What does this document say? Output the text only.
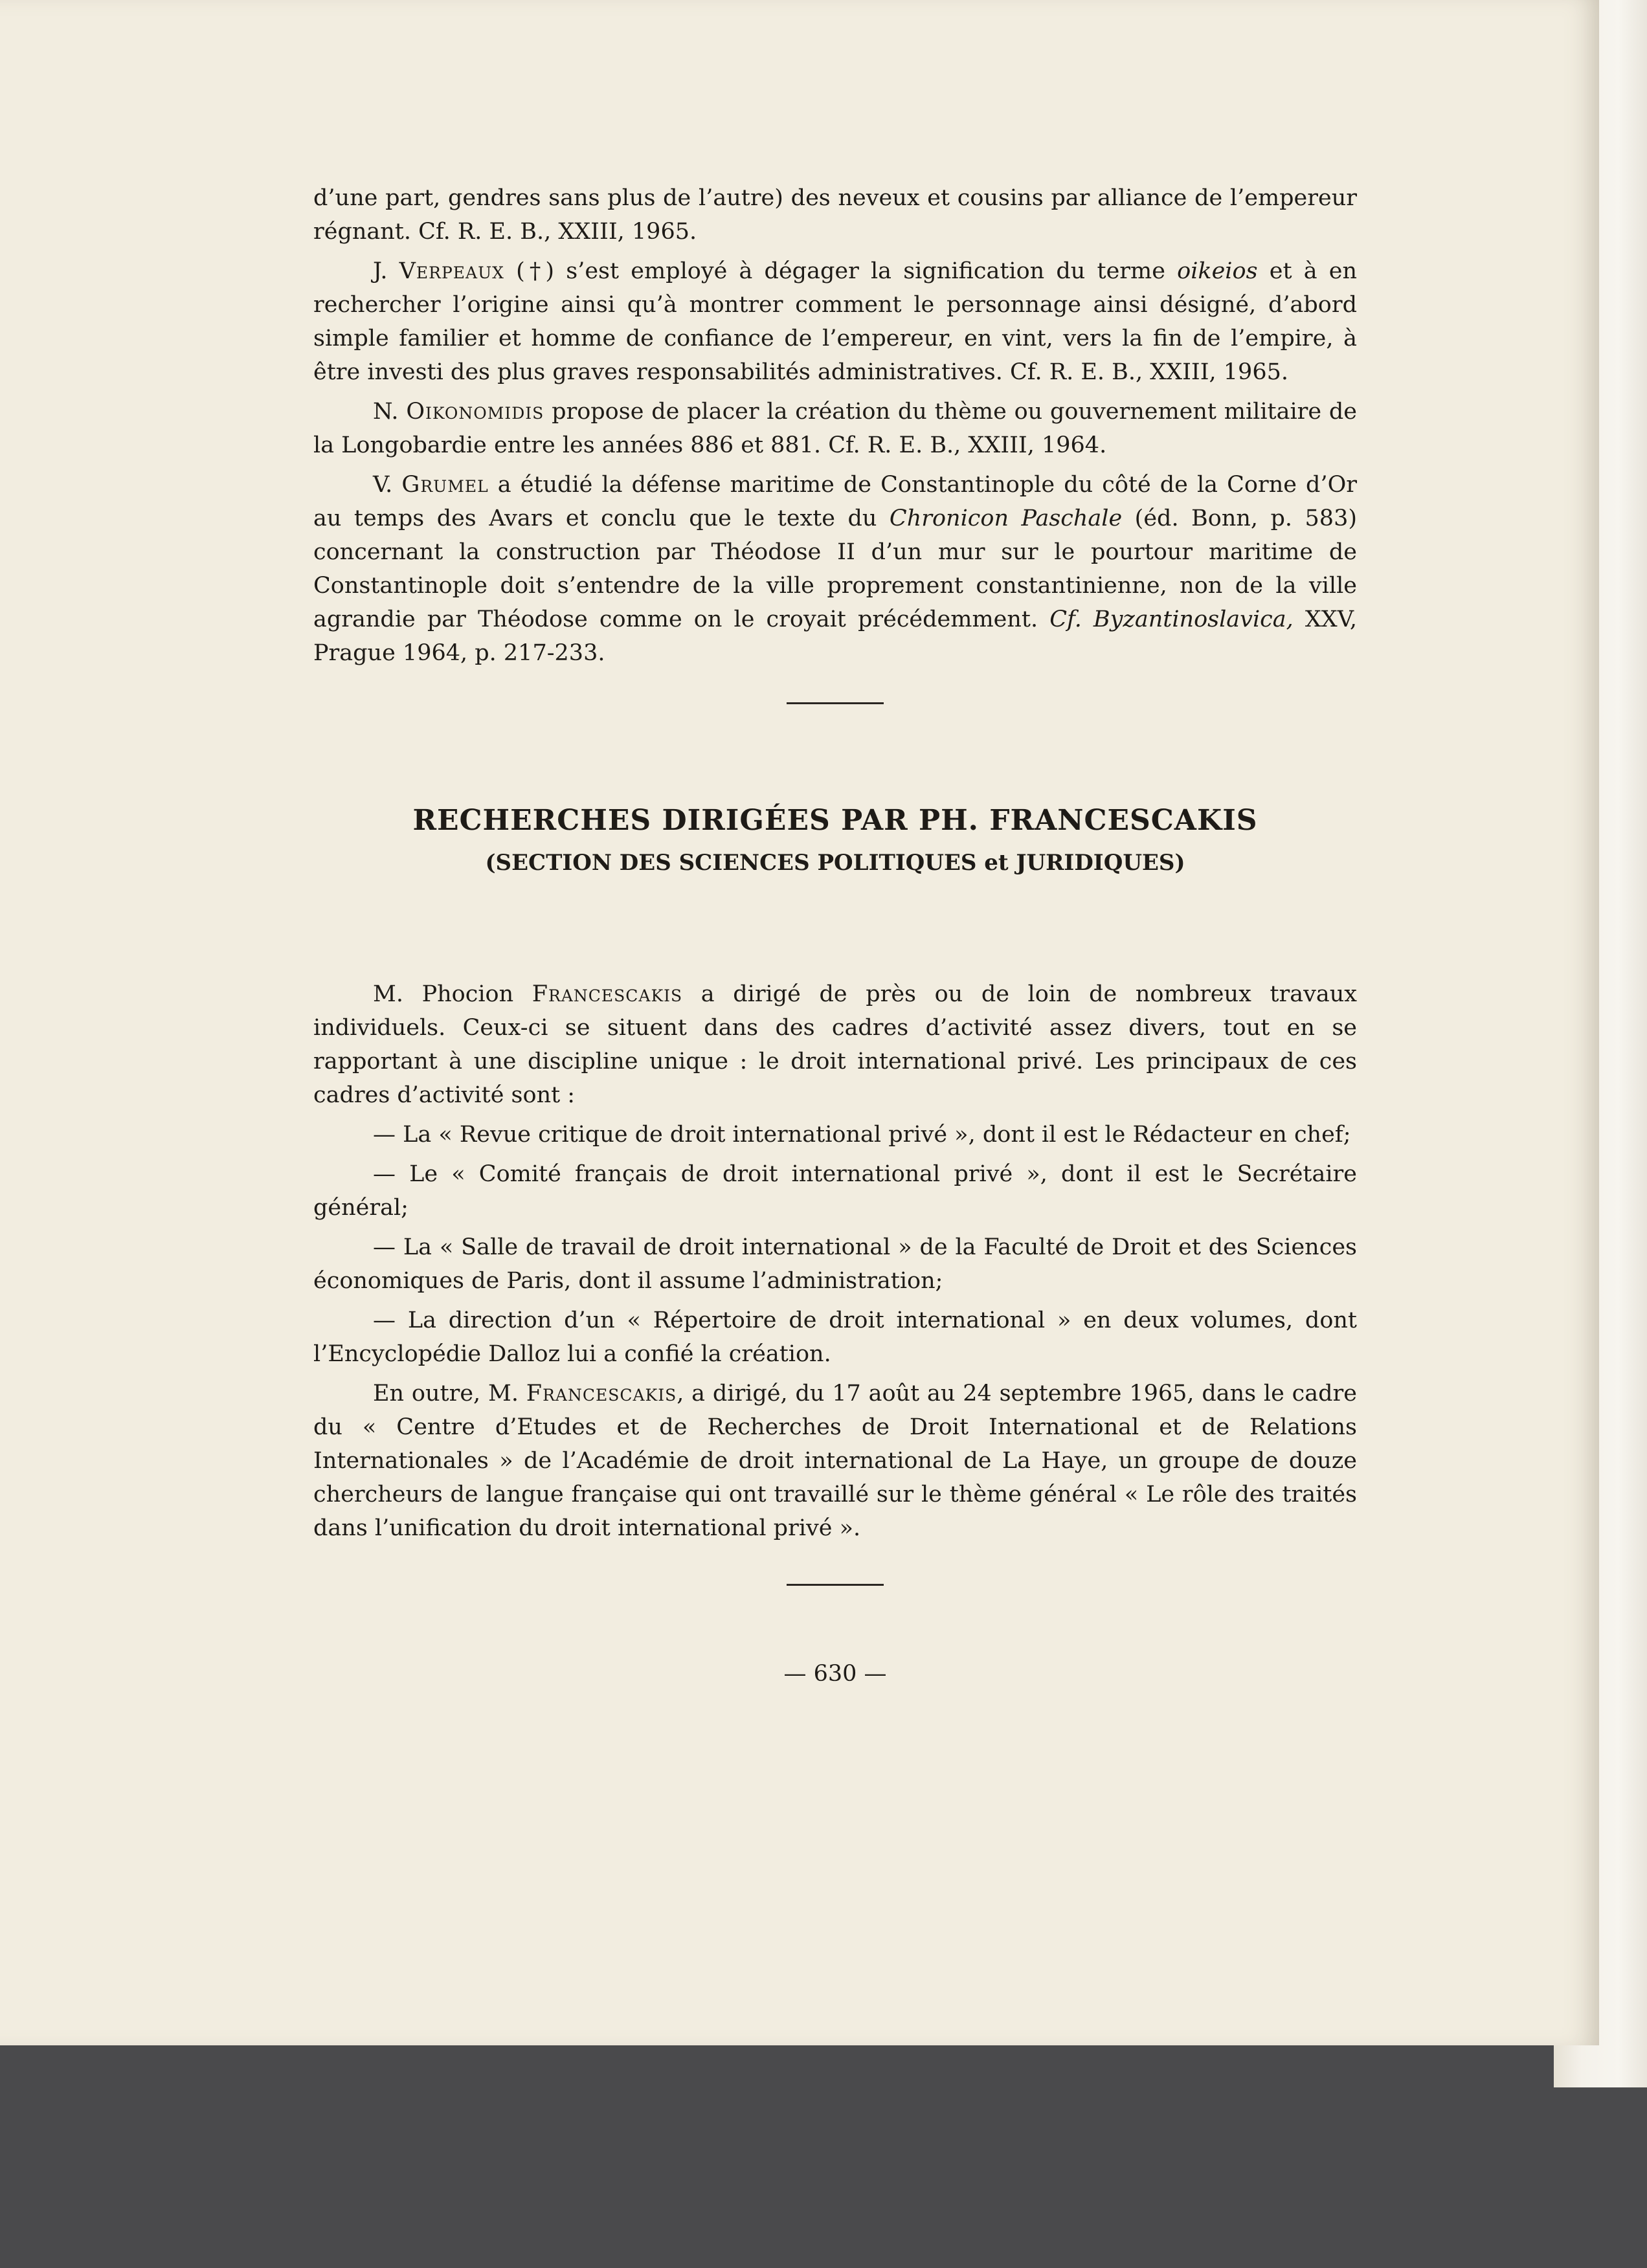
d’une part, gendres sans plus de l’autre) des neveux et cousins par alliance de l’empereur régnant. Cf. R. E. B., XXIII, 1965.

J. Verpeaux (†) s’est employé à dégager la signification du terme oikeios et à en rechercher l’origine ainsi qu’à montrer comment le personnage ainsi désigné, d’abord simple familier et homme de confiance de l’empereur, en vint, vers la fin de l’empire, à être investi des plus graves responsabilités administratives. Cf. R. E. B., XXIII, 1965.

N. Oikonomidis propose de placer la création du thème ou gouvernement militaire de la Longobardie entre les années 886 et 881. Cf. R. E. B., XXIII, 1964.

V. Grumel a étudié la défense maritime de Constantinople du côté de la Corne d’Or au temps des Avars et conclu que le texte du Chronicon Paschale (éd. Bonn, p. 583) concernant la construction par Théodose II d’un mur sur le pourtour maritime de Constantinople doit s’entendre de la ville proprement constantinienne, non de la ville agrandie par Théodose comme on le croyait précédemment. Cf. Byzantinoslavica, XXV, Prague 1964, p. 217-233.

RECHERCHES DIRIGÉES PAR PH. FRANCESCAKIS
(SECTION DES SCIENCES POLITIQUES et JURIDIQUES)

M. Phocion Francescakis a dirigé de près ou de loin de nombreux travaux individuels. Ceux-ci se situent dans des cadres d’activité assez divers, tout en se rapportant à une discipline unique : le droit international privé. Les principaux de ces cadres d’activité sont :

— La « Revue critique de droit international privé », dont il est le Rédacteur en chef;

— Le « Comité français de droit international privé », dont il est le Secrétaire général;

— La « Salle de travail de droit international » de la Faculté de Droit et des Sciences économiques de Paris, dont il assume l’administration;

— La direction d’un « Répertoire de droit international » en deux volumes, dont l’Encyclopédie Dalloz lui a confié la création.

En outre, M. Francescakis, a dirigé, du 17 août au 24 septembre 1965, dans le cadre du « Centre d’Etudes et de Recherches de Droit International et de Relations Internationales » de l’Académie de droit international de La Haye, un groupe de douze chercheurs de langue française qui ont travaillé sur le thème général « Le rôle des traités dans l’unification du droit international privé ».

— 630 —
